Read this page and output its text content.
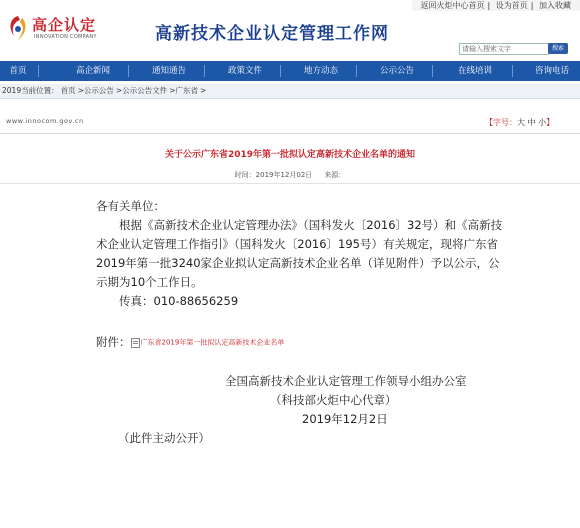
高企认定
INNOVATION COMPANY	高新技术企业认定管理工作网
请输入搜索文字	搜索
返回火炬中心首页 | 设为首页 | 加入收藏
首页	高企新闻	通知通告	政策文件	地方动态	公示公告	在线培训	咨询电话
2019当前位置： 首页 >公示公告 >公示公告文件 >广东省 >
www.innocom.gov.cn	【字号：大 中 小】
关于公示广东省2019年第一批拟认定高新技术企业名单的通知
时间：2019年12月02日 来源：

各有关单位：

根据《高新技术企业认定管理办法》（国科发火〔2016〕32号）和《高新技术企业认定管理工作指引》（国科发火〔2016〕195号）有关规定，现将广东省2019年第一批3240家企业拟认定高新技术企业名单（详见附件）予以公示，公示期为10个工作日。

传真：010-88656259

附件： 广东省2019年第一批拟认定高新技术企业名单
全国高新技术企业认定管理工作领导小组办公室
（科技部火炬中心代章）
2019年12月2日
（此件主动公开）
